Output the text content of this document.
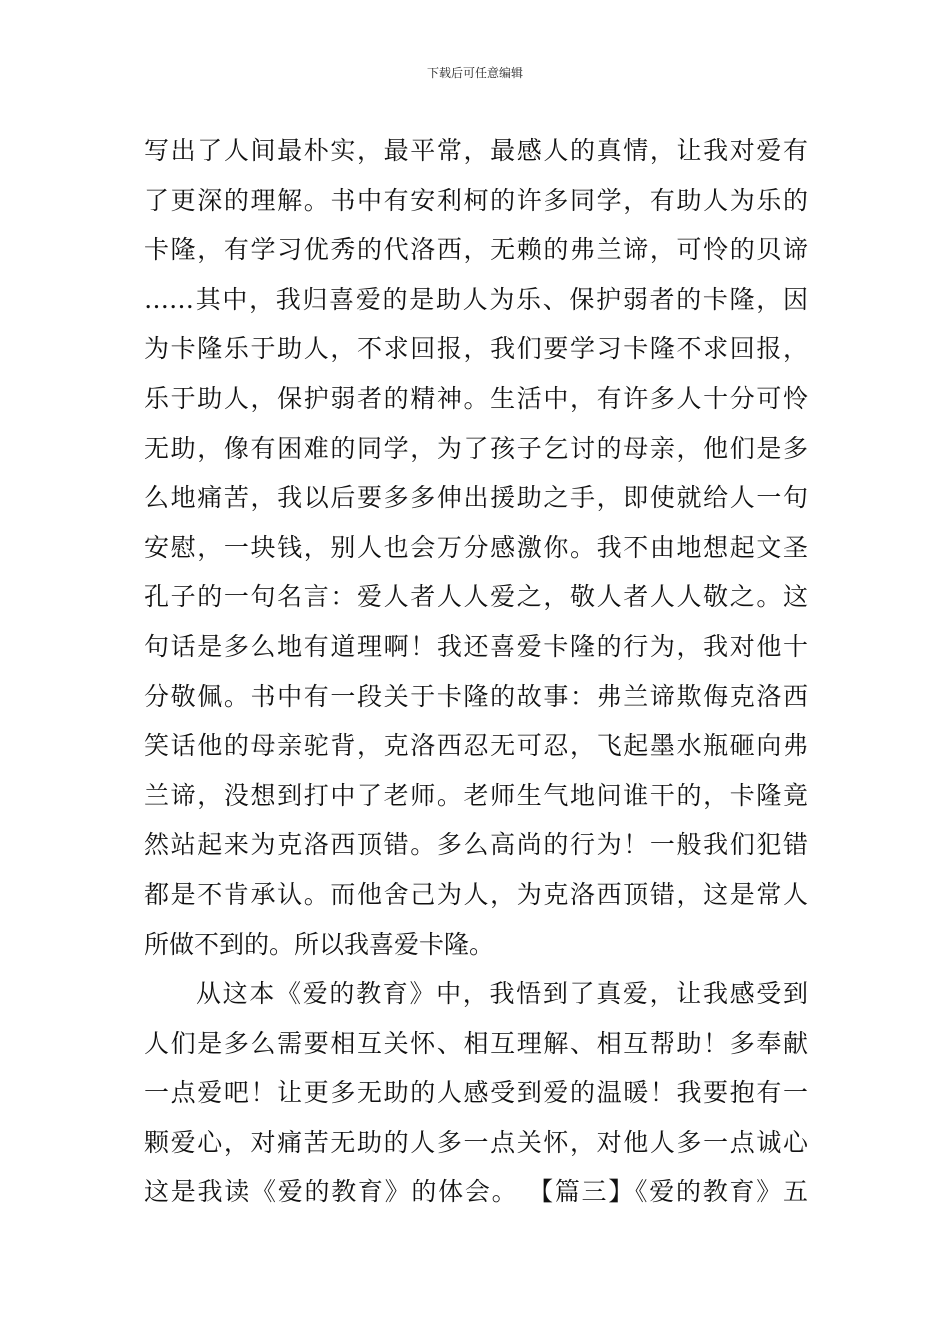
下载后可任意编辑
写出了人间最朴实，最平常，最感人的真情，让我对爱有
了更深的理解。书中有安利柯的许多同学，有助人为乐的
卡隆，有学习优秀的代洛西，无赖的弗兰谛，可怜的贝谛
……其中，我归喜爱的是助人为乐、保护弱者的卡隆，因
为卡隆乐于助人，不求回报，我们要学习卡隆不求回报，
乐于助人，保护弱者的精神。生活中，有许多人十分可怜
无助，像有困难的同学，为了孩子乞讨的母亲，他们是多
么地痛苦，我以后要多多伸出援助之手，即使就给人一句
安慰，一块钱，别人也会万分感激你。我不由地想起文圣
孔子的一句名言：爱人者人人爱之，敬人者人人敬之。这
句话是多么地有道理啊！我还喜爱卡隆的行为，我对他十
分敬佩。书中有一段关于卡隆的故事：弗兰谛欺侮克洛西
笑话他的母亲驼背，克洛西忍无可忍，飞起墨水瓶砸向弗
兰谛，没想到打中了老师。老师生气地问谁干的，卡隆竟
然站起来为克洛西顶错。多么高尚的行为！一般我们犯错
都是不肯承认。而他舍己为人，为克洛西顶错，这是常人
所做不到的。所以我喜爱卡隆。
从这本《爱的教育》中，我悟到了真爱，让我感受到
人们是多么需要相互关怀、相互理解、相互帮助！多奉献
一点爱吧！让更多无助的人感受到爱的温暖！我要抱有一
颗爱心，对痛苦无助的人多一点关怀，对他人多一点诚心
这是我读《爱的教育》的体会。 【篇三】《爱的教育》五
